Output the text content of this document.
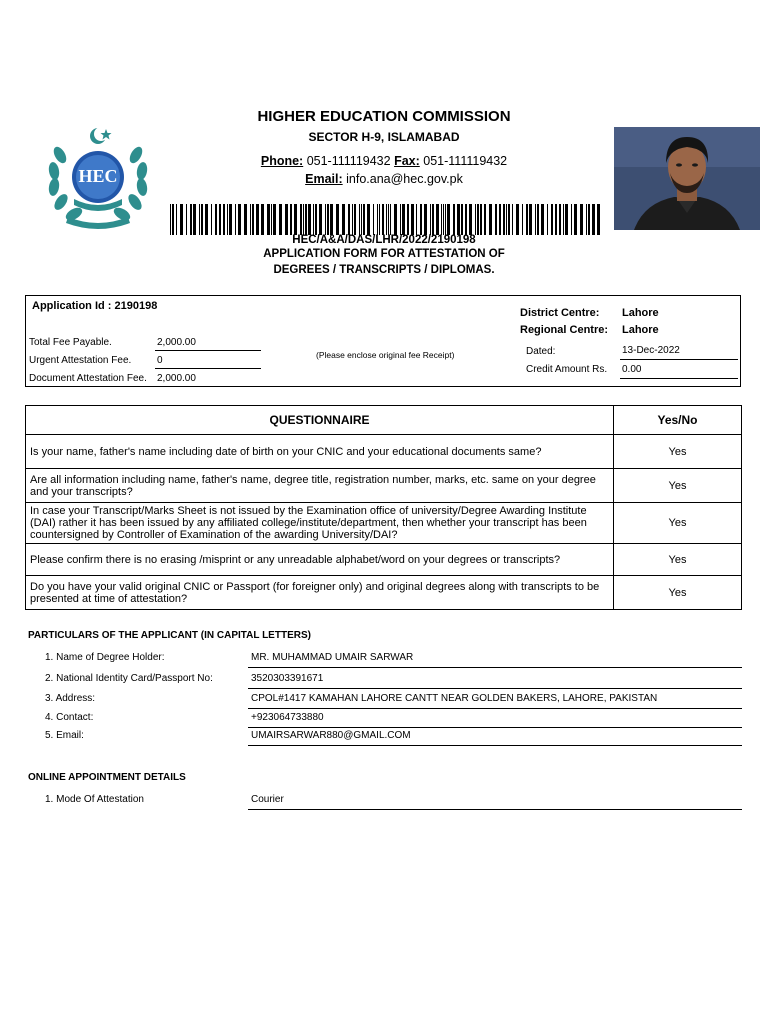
HEC
HIGHER EDUCATION COMMISSION
SECTOR H-9, ISLAMABAD
Phone: 051-111119432 Fax: 051-111119432
Email: info.ana@hec.gov.pk
HEC/A&A/DAS/LHR/2022/2190198
APPLICATION FORM FOR ATTESTATION OF
DEGREES / TRANSCRIPTS / DIPLOMAS.
Application Id : 2190198
Total Fee Payable.	2,000.00
Urgent Attestation Fee.	0
Document Attestation Fee. 2,000.00
(Please enclose original fee Receipt)
District Centre: Lahore
Regional Centre: Lahore
Dated:	13-Dec-2022
Credit Amount Rs. 0.00
QUESTIONNAIRE	Yes/No
Is your name, father's name including date of birth on your CNIC and your educational documents same?	Yes
Are all information including name, father's name, degree title, registration number, marks, etc. same on your degree and your transcripts?	Yes
In case your Transcript/Marks Sheet is not issued by the Examination office of university/Degree Awarding Institute (DAI) rather it has been issued by any affiliated college/institute/department, then whether your transcript has been countersigned by Controller of Examination of the awarding University/DAI?	Yes
Please confirm there is no erasing /misprint or any unreadable alphabet/word on your degrees or transcripts?	Yes
Do you have your valid original CNIC or Passport (for foreigner only) and original degrees along with transcripts to be presented at time of attestation?	Yes
PARTICULARS OF THE APPLICANT (IN CAPITAL LETTERS)
1. Name of Degree Holder:	MR. MUHAMMAD UMAIR SARWAR
2. National Identity Card/Passport No:	3520303391671
3. Address:	CPOL#1417 KAMAHAN LAHORE CANTT NEAR GOLDEN BAKERS, LAHORE, PAKISTAN
4. Contact:	+923064733880
5. Email:	UMAIRSARWAR880@GMAIL.COM
ONLINE APPOINTMENT DETAILS
1. Mode Of Attestation	Courier
